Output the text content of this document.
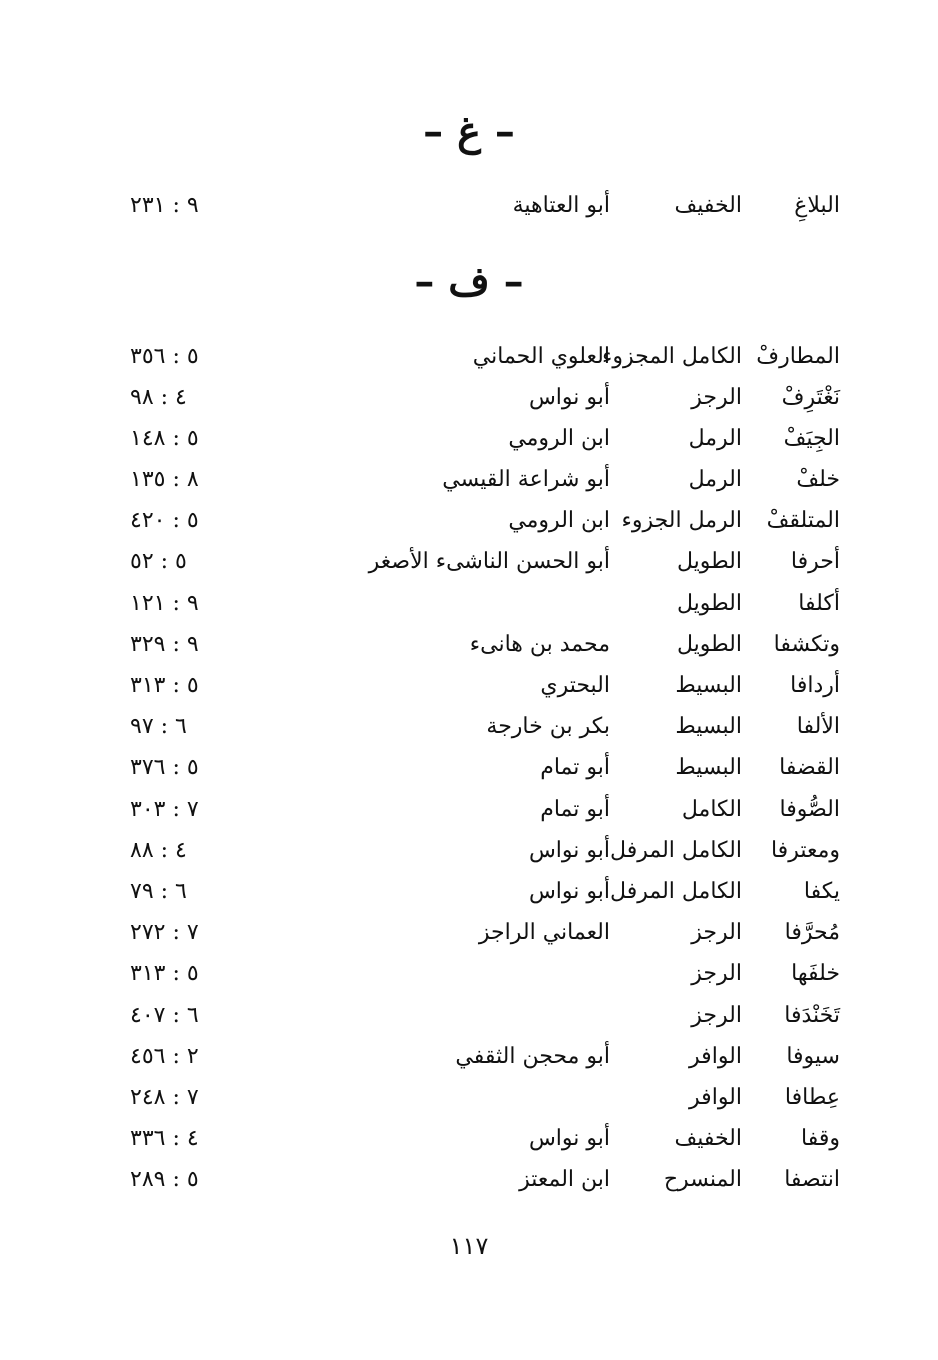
– غ –
البلاغِ
الخفيف
أبو العتاهية
٩ : ٢٣١
– ف –
المطارفْ
الكامل المجزوء
العلوي الحماني
٥ : ٣٥٦
نَغْتَرِفْ
الرجز
أبو نواس
٤ : ٩٨
الجِيَفْ
الرمل
ابن الرومي
٥ : ١٤٨
خلفْ
الرمل
أبو شراعة القيسي
٨ : ١٣٥
المتلقفْ
الرمل الجزوء
ابن الرومي
٥ : ٤٢٠
أحرفا
الطويل
أبو الحسن الناشىء الأصغر
٥ : ٥٢
أكلفا
الطويل
٩ : ١٢١
وتكشفا
الطويل
محمد بن هانىء
٩ : ٣٢٩
أردافا
البسيط
البحتري
٥ : ٣١٣
الألفا
البسيط
بكر بن خارجة
٦ : ٩٧
القضفا
البسيط
أبو تمام
٥ : ٣٧٦
الصُّوفا
الكامل
أبو تمام
٧ : ٣٠٣
ومعترفا
الكامل المرفل
أبو نواس
٤ : ٨٨
يكفا
الكامل المرفل
أبو نواس
٦ : ٧٩
مُحرَّفا
الرجز
العماني الراجز
٧ : ٢٧٢
خلفَها
الرجز
٥ : ٣١٣
تَخَنْدَفا
الرجز
٦ : ٤٠٧
سيوفا
الوافر
أبو محجن الثقفي
٢ : ٤٥٦
عِطافا
الوافر
٧ : ٢٤٨
وقفا
الخفيف
أبو نواس
٤ : ٣٣٦
انتصفا
المنسرح
ابن المعتز
٥ : ٢٨٩
١١٧
